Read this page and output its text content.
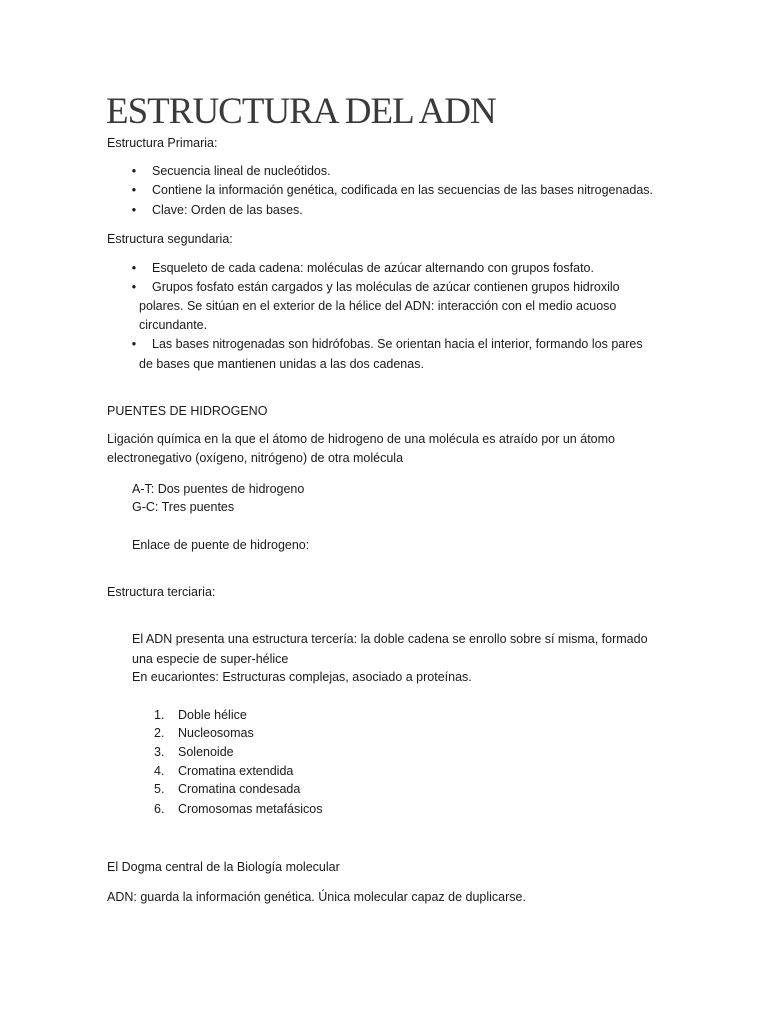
ESTRUCTURA DEL ADN
Estructura Primaria:
•	Secuencia lineal de nucleótidos.
•	Contiene la información genética, codificada en las secuencias de las bases nitrogenadas.
•	Clave: Orden de las bases.
Estructura segundaria:
•	Esqueleto de cada cadena: moléculas de azúcar alternando con grupos fosfato.
•	Grupos fosfato están cargados y las moléculas de azúcar contienen grupos hidroxilo
polares. Se sitúan en el exterior de la hélice del ADN: interacción con el medio acuoso
circundante.
•	Las bases nitrogenadas son hidrófobas. Se orientan hacia el interior, formando los pares
de bases que mantienen unidas a las dos cadenas.
PUENTES DE HIDROGENO
Ligación química en la que el átomo de hidrogeno de una molécula es atraído por un átomo
electronegativo (oxígeno, nitrógeno) de otra molécula
A-T: Dos puentes de hidrogeno
G-C: Tres puentes
Enlace de puente de hidrogeno:
Estructura terciaria:
El ADN presenta una estructura tercería: la doble cadena se enrollo sobre sí misma, formado
una especie de super-hélice
En eucariontes: Estructuras complejas, asociado a proteínas.
1. Doble hélice
2. Nucleosomas
3. Solenoide
4. Cromatina extendida
5. Cromatina condesada
6. Cromosomas metafásicos
El Dogma central de la Biología molecular
ADN: guarda la información genética. Única molecular capaz de duplicarse.
